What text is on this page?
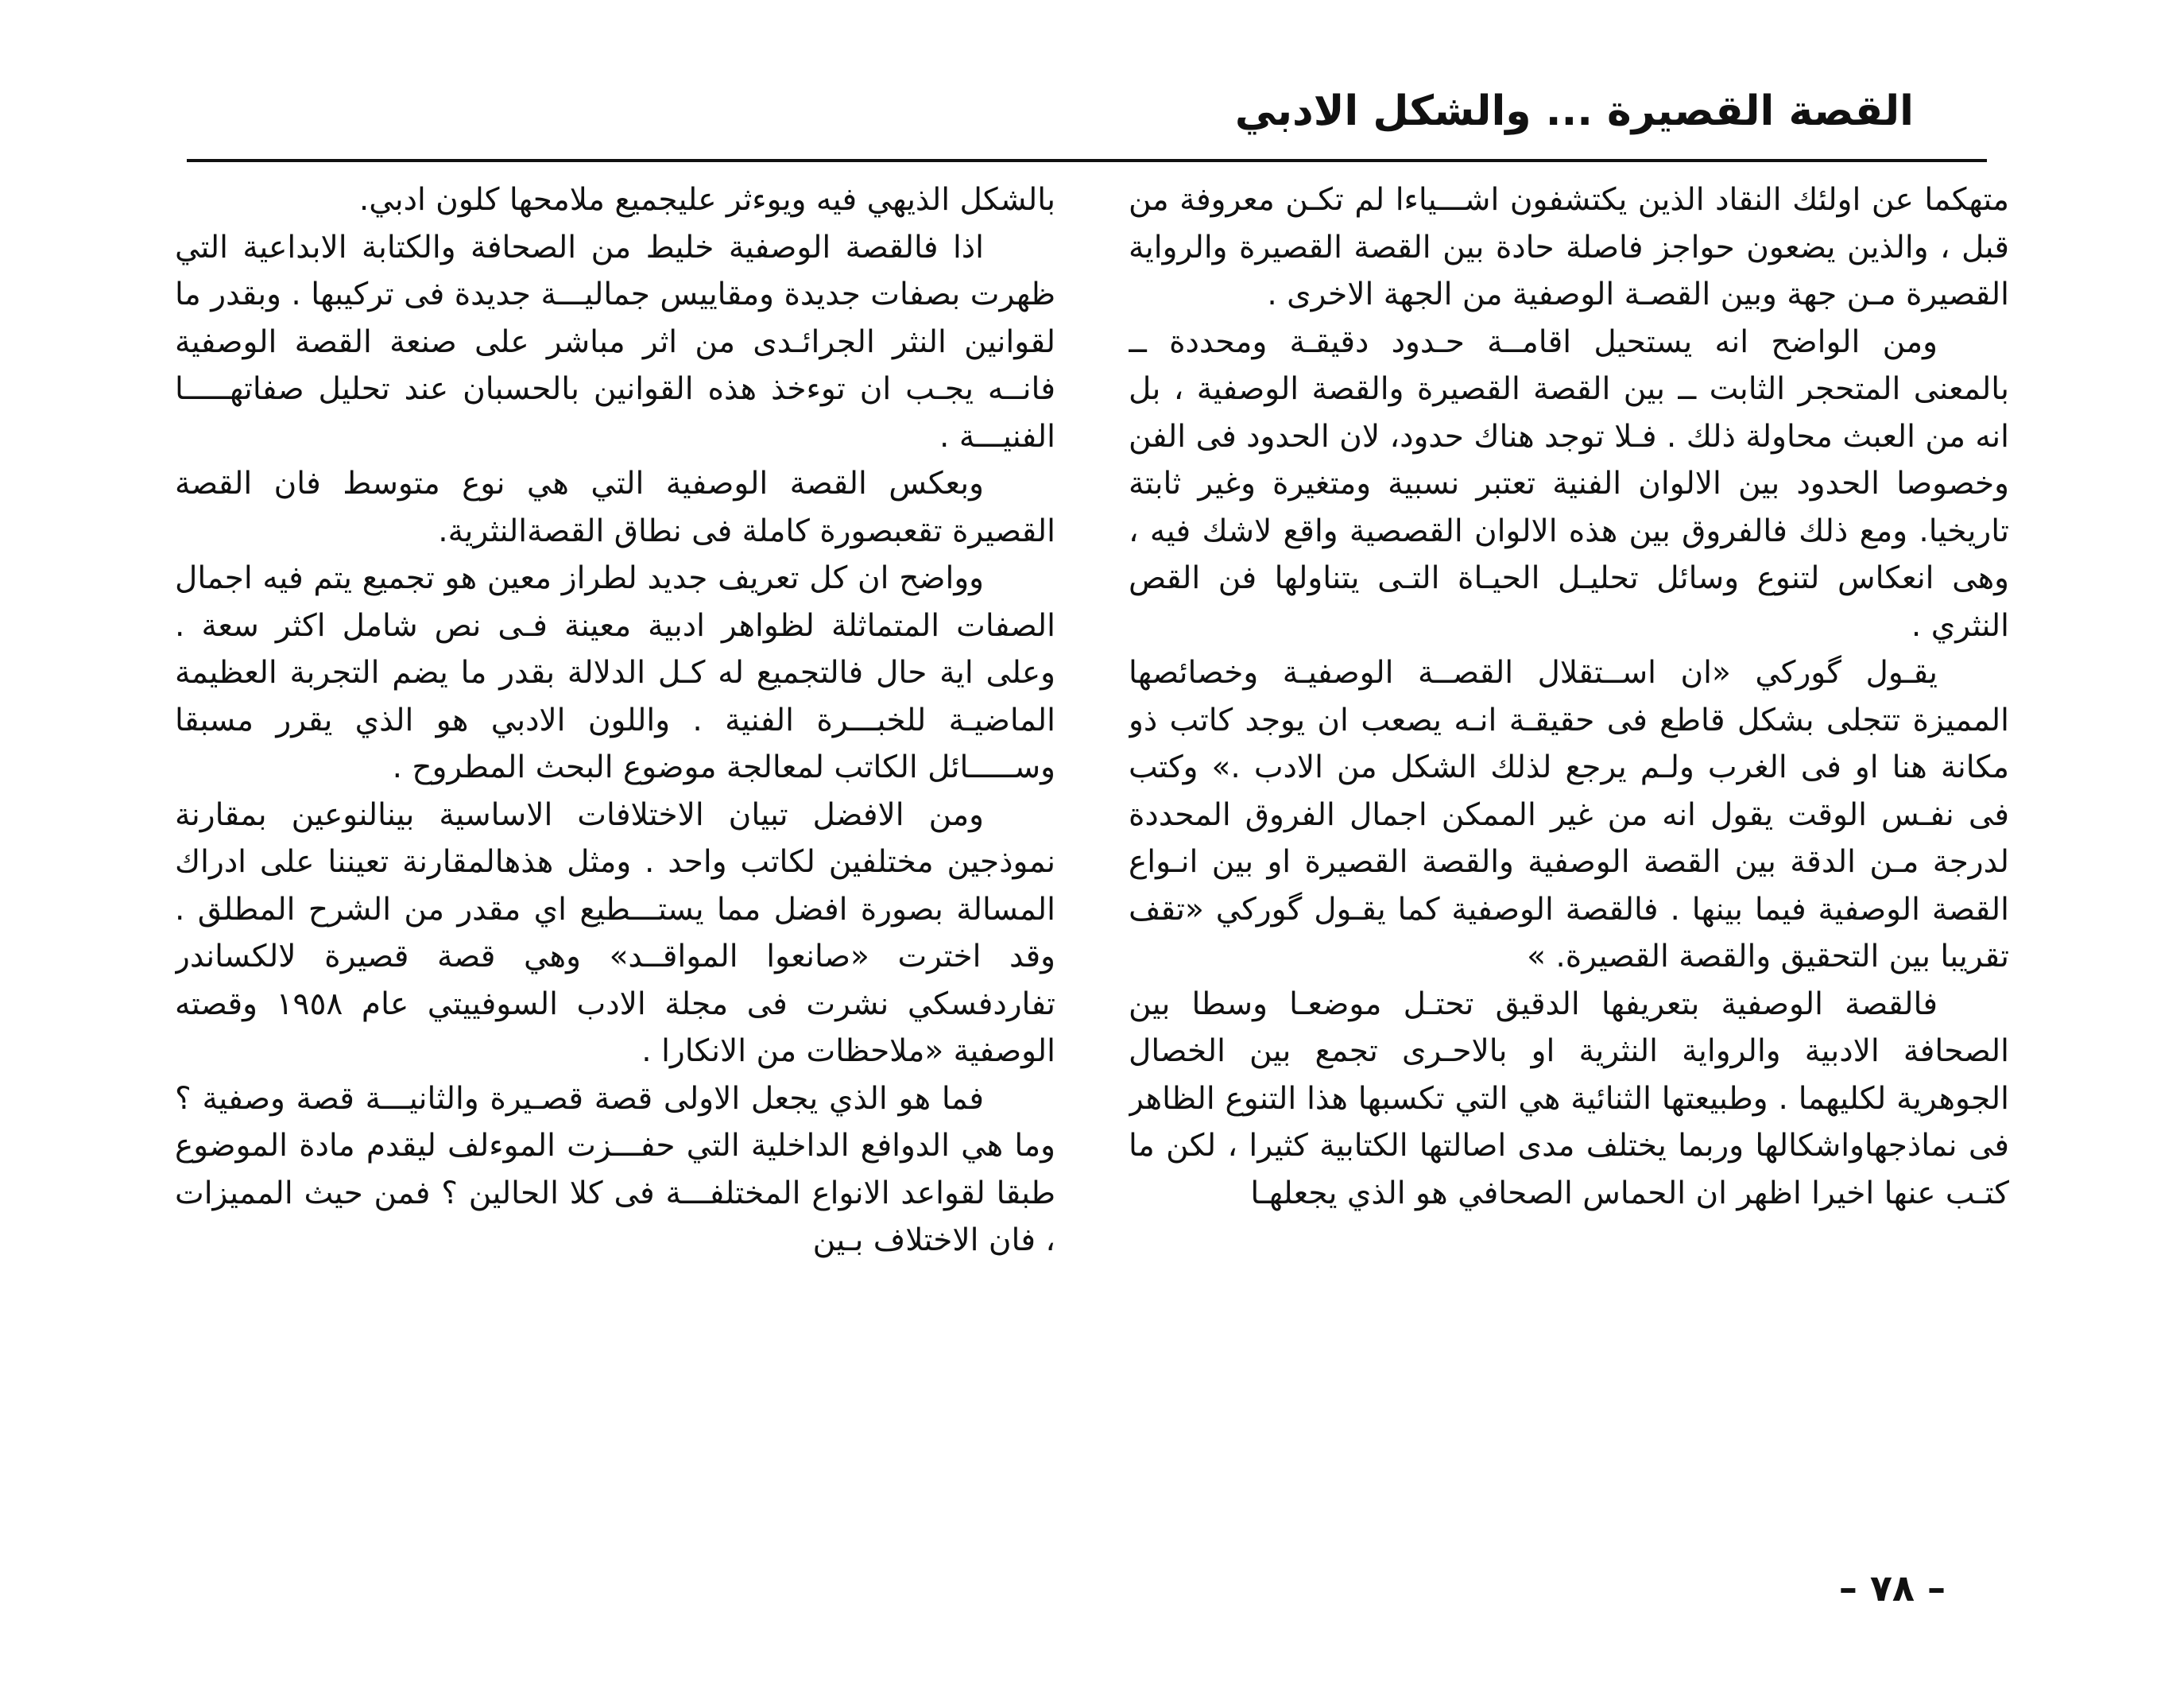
القصة القصيرة ... والشكل الادبي

متهكما عن اولئك النقاد الذين يكتشفون اشـــياءا لم تكـن معروفة من قبل ، والذين يضعون حواجز فاصلة حادة بين القصة القصيرة والرواية القصيرة مـن جهة وبين القصـة الوصفية من الجهة الاخرى .

ومن الواضح انه يستحيل اقامــة حـدود دقيقـة ومحددة ــ بالمعنى المتحجر الثابت ــ بين القصة القصيرة والقصة الوصفية ، بل انه من العبث محاولة ذلك . فـلا توجد هناك حدود، لان الحدود فى الفن وخصوصا الحدود بين الالوان الفنية تعتبر نسبية ومتغيرة وغير ثابتة تاريخيا. ومع ذلك فالفروق بين هذه الالوان القصصية واقع لاشك فيه ، وهى انعكاس لتنوع وسائل تحليـل الحيـاة التـى يتناولها فن القص النثري .

يقـول گوركي «ان اســتقلال القصــة الوصفيـة وخصائصها المميزة تتجلى بشكل قاطع فى حقيقـة انـه يصعب ان يوجد كاتب ذو مكانة هنا او فى الغرب ولـم يرجع لذلك الشكل من الادب .» وكتب فى نفـس الوقت يقول انه من غير الممكن اجمال الفروق المحددة لدرجة مـن الدقة بين القصة الوصفية والقصة القصيرة او بين انـواع القصة الوصفية فيما بينها . فالقصة الوصفية كما يقـول گوركي «تقف تقريبا بين التحقيق والقصة القصيرة. »

فالقصة الوصفية بتعريفها الدقيق تحتـل موضعـا وسطا بين الصحافة الادبية والرواية النثرية او بالاحـرى تجمع بين الخصال الجوهرية لكليهما . وطبيعتها الثنائية هي التي تكسبها هذا التنوع الظاهر فى نماذجهاواشكالها وربما يختلف مدى اصالتها الكتابية كثيرا ، لكن ما كتـب عنها اخيرا اظهر ان الحماس الصحافي هو الذي يجعلهـا

بالشكل الذيهي فيه ويوءثر عليجميع ملامحها كلون ادبي.

اذا فالقصة الوصفية خليط من الصحافة والكتابة الابداعية التي ظهرت بصفات جديدة ومقاييس جماليـــة جديدة فى تركيبها . وبقدر ما لقوانين النثر الجرائـدى من اثر مباشر على صنعة القصة الوصفية فانــه يجـب ان توءخذ هذه القوانين بالحسبان عند تحليل صفاتهـــــا الفنيـــة .

وبعكس القصة الوصفية التي هي نوع متوسط فان القصة القصيرة تقعبصورة كاملة فى نطاق القصةالنثرية.

وواضح ان كل تعريف جديد لطراز معين هو تجميع يتم فيه اجمال الصفات المتماثلة لظواهر ادبية معينة فـى نص شامل اكثر سعة . وعلى اية حال فالتجميع له كـل الدلالة بقدر ما يضم التجربة العظيمة الماضيـة للخبـــرة الفنية . واللون الادبي هو الذي يقرر مسبقا وســـــائل الكاتب لمعالجة موضوع البحث المطروح .

ومن الافضل تبيان الاختلافات الاساسية بينالنوعين بمقارنة نموذجين مختلفين لكاتب واحد . ومثل هذهالمقارنة تعيننا على ادراك المسالة بصورة افضل مما يستـــطيع اي مقدر من الشرح المطلق . وقد اخترت «صانعوا المواقــد» وهي قصة قصيرة لالكساندر تفاردفسكي نشرت فى مجلة الادب السوفييتي عام ١٩٥٨ وقصته الوصفية «ملاحظات من الانكارا .

فما هو الذي يجعل الاولى قصة قصـيرة والثانيـــة قصة وصفية ؟ وما هي الدوافع الداخلية التي حفـــزت الموءلف ليقدم مادة الموضوع طبقا لقواعد الانواع المختلفـــة فى كلا الحالين ؟ فمن حيث المميزات ، فان الاختلاف بـين

– ٧٨ –
